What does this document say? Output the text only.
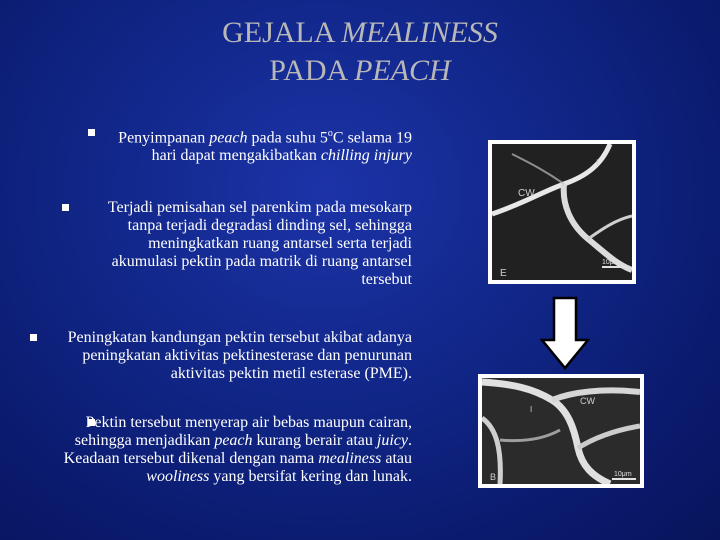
GEJALA MEALINESS
PADA PEACH
Penyimpanan peach pada suhu 5$^o$C selama 19 hari dapat mengakibatkan chilling injury
Terjadi pemisahan sel parenkim pada mesokarp tanpa terjadi degradasi dinding sel, sehingga meningkatkan ruang antarsel serta terjadi akumulasi pektin pada matrik di ruang antarsel tersebut
Peningkatan kandungan pektin tersebut akibat adanya peningkatan aktivitas pektinesterase dan penurunan aktivitas pektin metil esterase (PME).
Pektin tersebut menyerap air bebas maupun cairan, sehingga menjadikan peach kurang berair atau juicy. Keadaan tersebut dikenal dengan nama mealiness atau wooliness yang bersifat kering dan lunak.
I
CW
E
10μm
I
CW
B	10μm
